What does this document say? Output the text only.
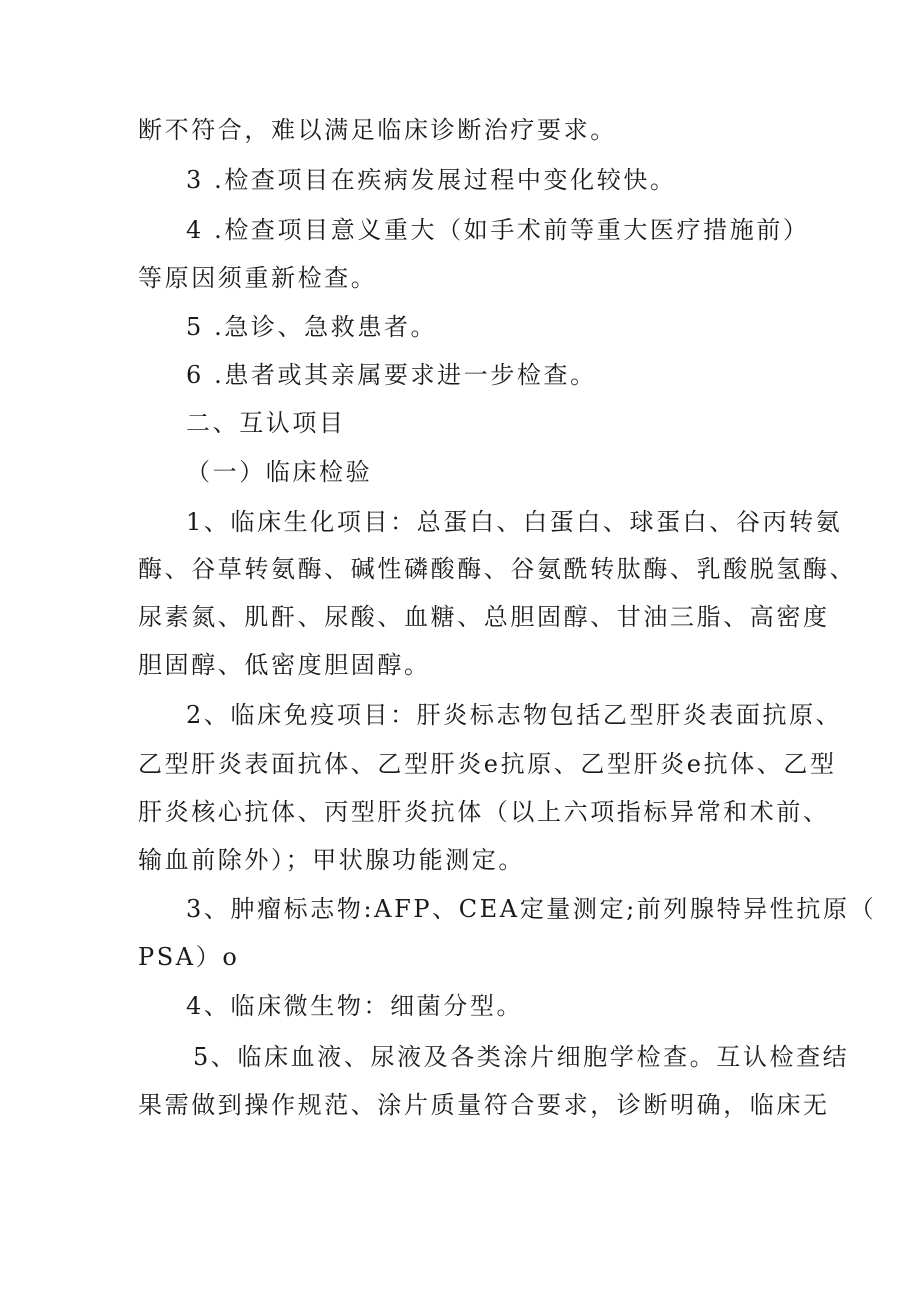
断不符合，难以满足临床诊断治疗要求。
3 .检查项目在疾病发展过程中变化较快。
4 .检查项目意义重大（如手术前等重大医疗措施前）
等原因须重新检查。
5 .急诊、急救患者。
6 .患者或其亲属要求进一步检查。
二、互认项目
（一）临床检验
1、临床生化项目：总蛋白、白蛋白、球蛋白、谷丙转氨
酶、谷草转氨酶、碱性磷酸酶、谷氨酰转肽酶、乳酸脱氢酶、
尿素氮、肌酐、尿酸、血糖、总胆固醇、甘油三脂、高密度
胆固醇、低密度胆固醇。
2、临床免疫项目：肝炎标志物包括乙型肝炎表面抗原、
乙型肝炎表面抗体、乙型肝炎e抗原、乙型肝炎e抗体、乙型
肝炎核心抗体、丙型肝炎抗体（以上六项指标异常和术前、
输血前除外）；甲状腺功能测定。
3、肿瘤标志物:AFP、CEA定量测定;前列腺特异性抗原（
PSA）o
4、临床微生物：细菌分型。
5、临床血液、尿液及各类涂片细胞学检查。互认检查结
果需做到操作规范、涂片质量符合要求，诊断明确，临床无
